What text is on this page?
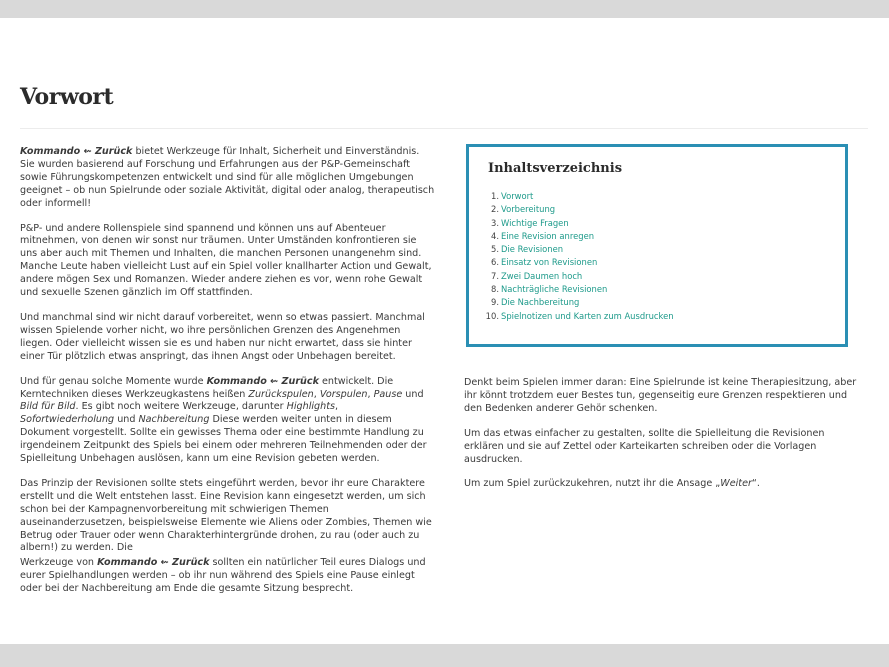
Vorwort

Kommando ⇜ Zurück bietet Werkzeuge für Inhalt, Sicherheit und Einverständnis. Sie wurden basierend auf Forschung und Erfahrungen aus der P&P-Gemeinschaft sowie Führungskompetenzen entwickelt und sind für alle möglichen Umgebungen geeignet – ob nun Spielrunde oder soziale Aktivität, digital oder analog, therapeutisch oder informell!

P&P- und andere Rollenspiele sind spannend und können uns auf Abenteuer mitnehmen, von denen wir sonst nur träumen. Unter Umständen konfrontieren sie uns aber auch mit Themen und Inhalten, die manchen Personen unangenehm sind. Manche Leute haben vielleicht Lust auf ein Spiel voller knallharter Action und Gewalt, andere mögen Sex und Romanzen. Wieder andere ziehen es vor, wenn rohe Gewalt und sexuelle Szenen gänzlich im Off stattfinden.

Und manchmal sind wir nicht darauf vorbereitet, wenn so etwas passiert. Manchmal wissen Spielende vorher nicht, wo ihre persönlichen Grenzen des Angenehmen liegen. Oder vielleicht wissen sie es und haben nur nicht erwartet, dass sie hinter einer Tür plötzlich etwas anspringt, das ihnen Angst oder Unbehagen bereitet.

Und für genau solche Momente wurde Kommando ⇜ Zurück entwickelt. Die Kerntechniken dieses Werkzeugkastens heißen Zurückspulen, Vorspulen, Pause und Bild für Bild. Es gibt noch weitere Werkzeuge, darunter Highlights, Sofortwiederholung und Nachbereitung Diese werden weiter unten in diesem Dokument vorgestellt. Sollte ein gewisses Thema oder eine bestimmte Handlung zu irgendeinem Zeitpunkt des Spiels bei einem oder mehreren Teilnehmenden oder der Spielleitung Unbehagen auslösen, kann um eine Revision gebeten werden.

Das Prinzip der Revisionen sollte stets eingeführt werden, bevor ihr eure Charaktere erstellt und die Welt entstehen lasst. Eine Revision kann eingesetzt werden, um sich schon bei der Kampagnenvorbereitung mit schwierigen Themen auseinanderzusetzen, beispielsweise Elemente wie Aliens oder Zombies, Themen wie Betrug oder Trauer oder wenn Charakterhintergründe drohen, zu rau (oder auch zu albern!) zu werden. Die

Werkzeuge von Kommando ⇜ Zurück sollten ein natürlicher Teil eures Dialogs und eurer Spielhandlungen werden – ob ihr nun während des Spiels eine Pause einlegt oder bei der Nachbereitung am Ende die gesamte Sitzung besprecht.

Inhaltsverzeichnis
1. Vorwort
2. Vorbereitung
3. Wichtige Fragen
4. Eine Revision anregen
5. Die Revisionen
6. Einsatz von Revisionen
7. Zwei Daumen hoch
8. Nachträgliche Revisionen
9. Die Nachbereitung
10. Spielnotizen und Karten zum Ausdrucken

Denkt beim Spielen immer daran: Eine Spielrunde ist keine Therapiesitzung, aber ihr könnt trotzdem euer Bestes tun, gegenseitig eure Grenzen respektieren und den Bedenken anderer Gehör schenken.

Um das etwas einfacher zu gestalten, sollte die Spielleitung die Revisionen erklären und sie auf Zettel oder Karteikarten schreiben oder die Vorlagen ausdrucken.

Um zum Spiel zurückzukehren, nutzt ihr die Ansage „Weiter“.
